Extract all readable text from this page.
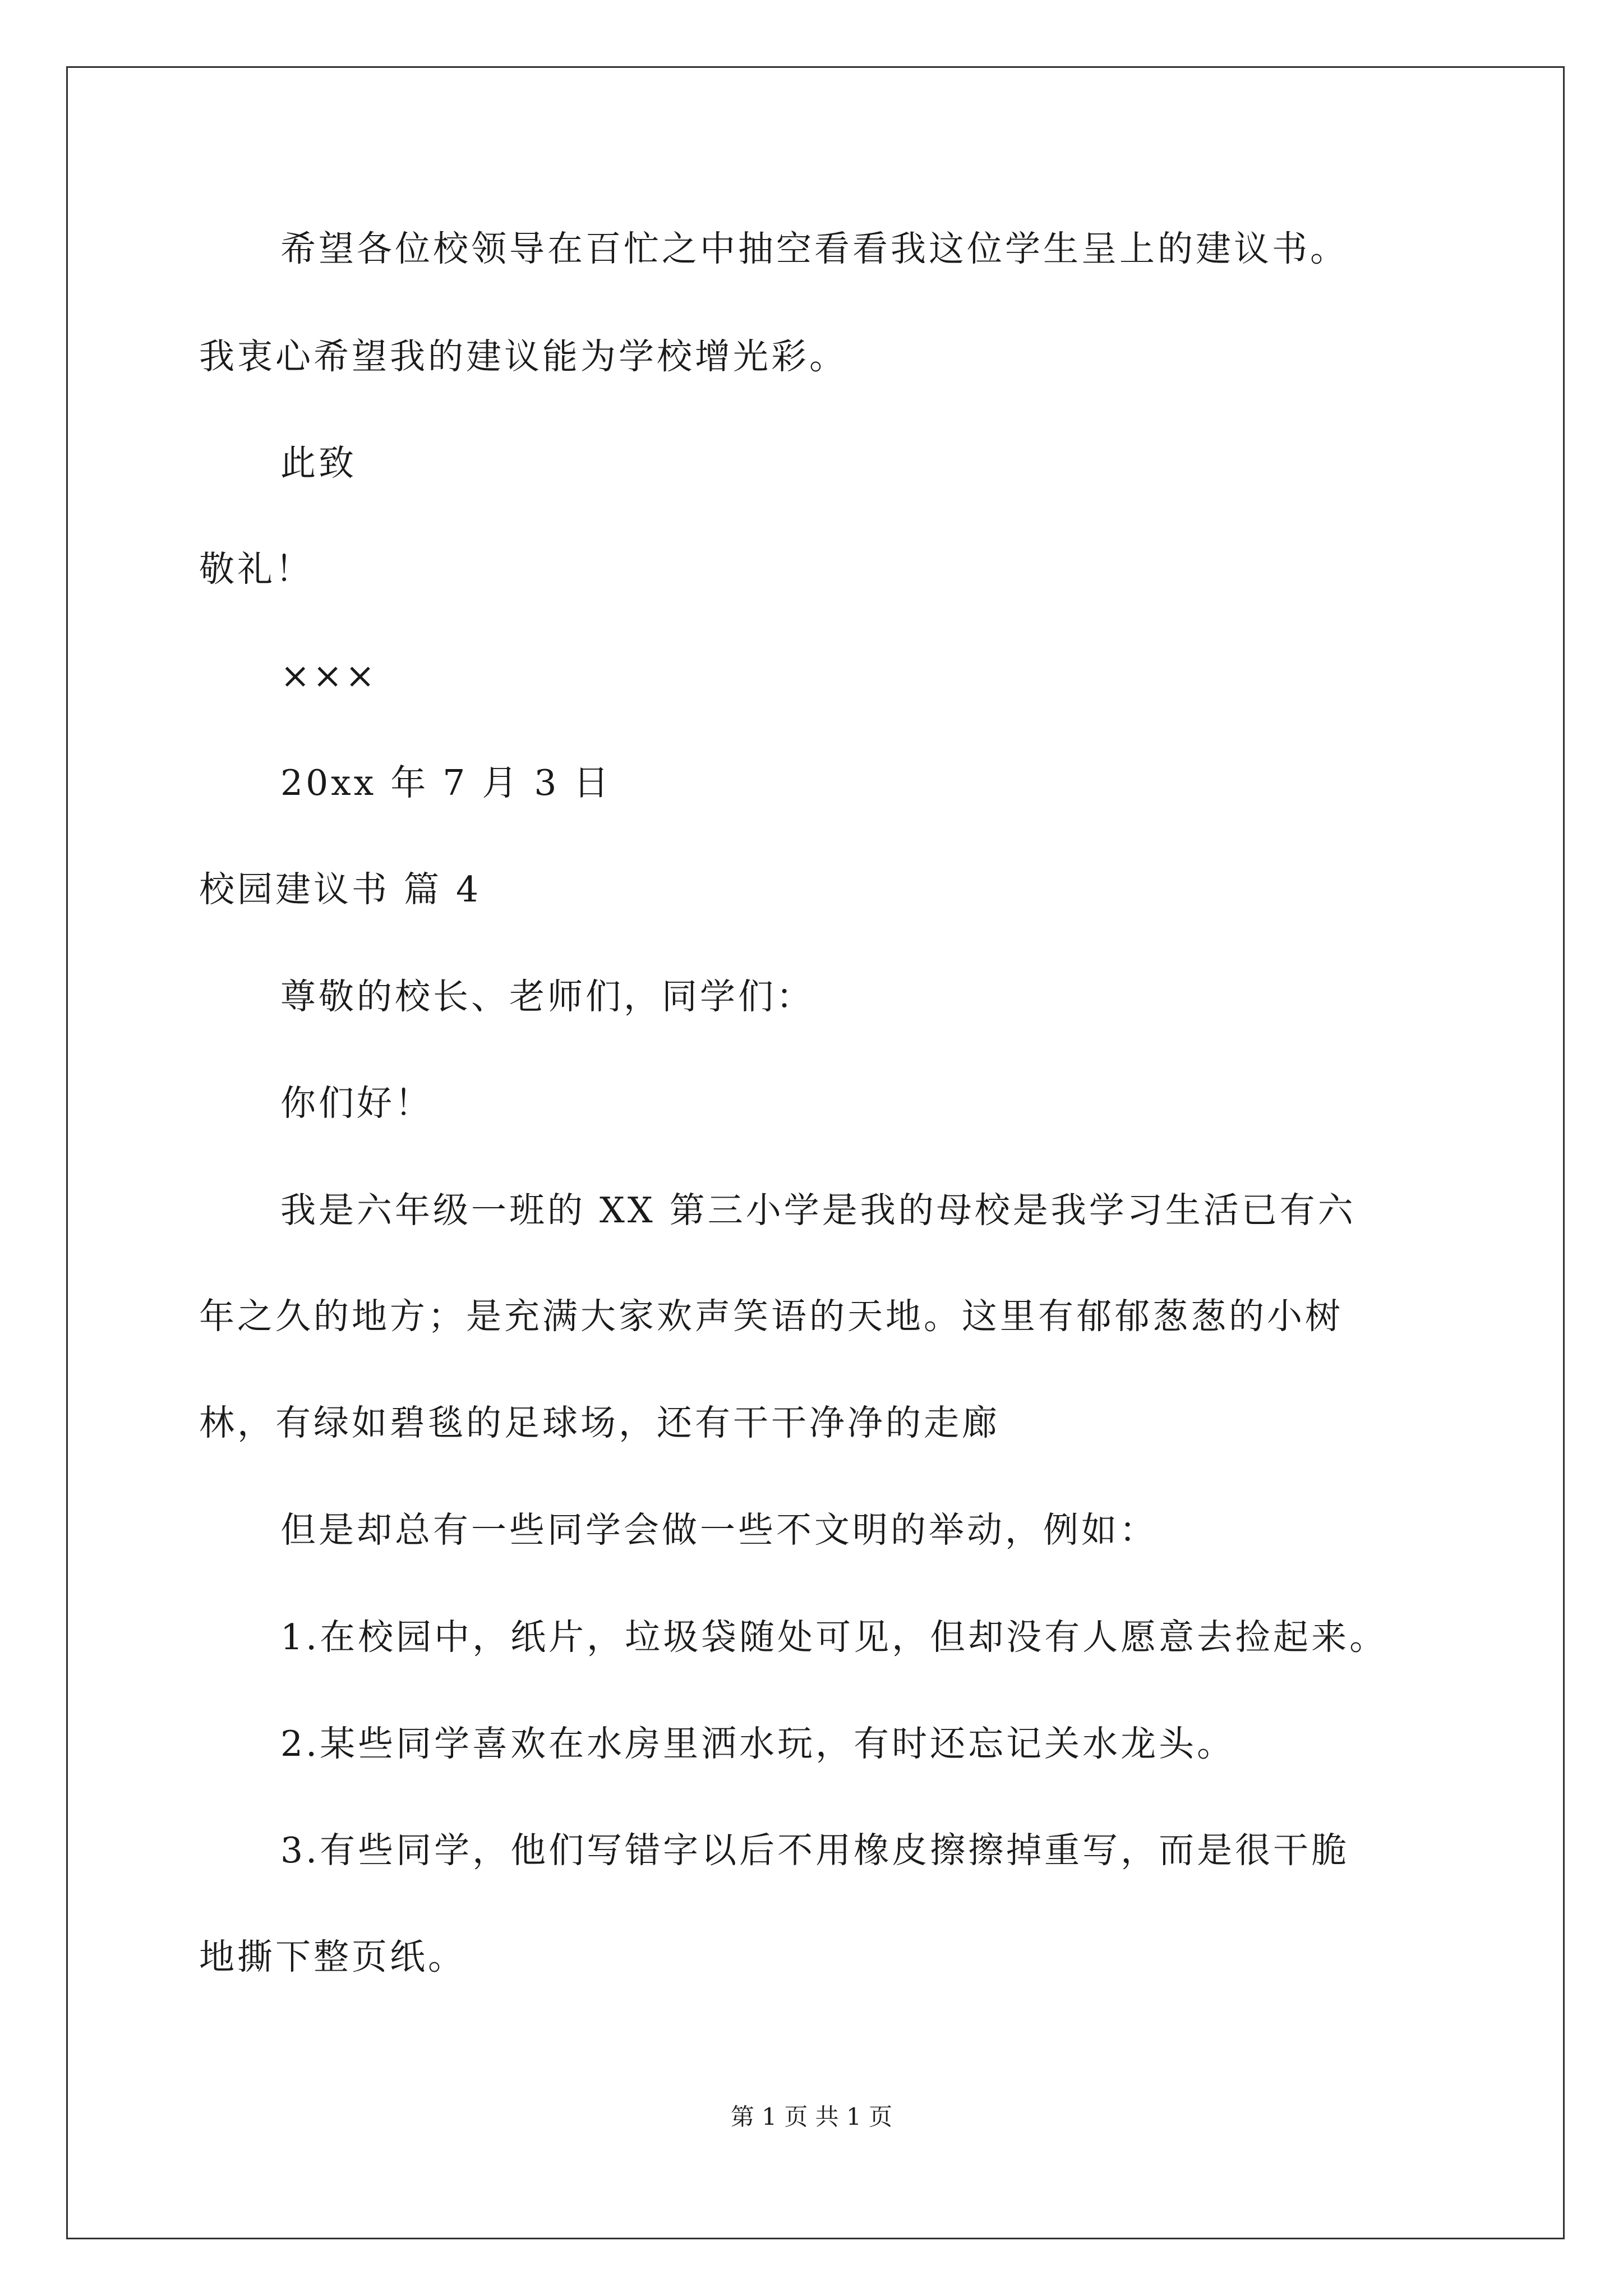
希望各位校领导在百忙之中抽空看看我这位学生呈上的建议书。
我衷心希望我的建议能为学校增光彩。
此致
敬礼！
×××
20xx 年 7 月 3 日
校园建议书 篇 4
尊敬的校长、老师们，同学们：
你们好！
我是六年级一班的 XX 第三小学是我的母校是我学习生活已有六
年之久的地方；是充满大家欢声笑语的天地。这里有郁郁葱葱的小树
林，有绿如碧毯的足球场，还有干干净净的走廊
但是却总有一些同学会做一些不文明的举动，例如：
1.在校园中，纸片，垃圾袋随处可见，但却没有人愿意去捡起来。
2.某些同学喜欢在水房里洒水玩，有时还忘记关水龙头。
3.有些同学，他们写错字以后不用橡皮擦擦掉重写，而是很干脆
地撕下整页纸。
第 1 页 共 1 页
